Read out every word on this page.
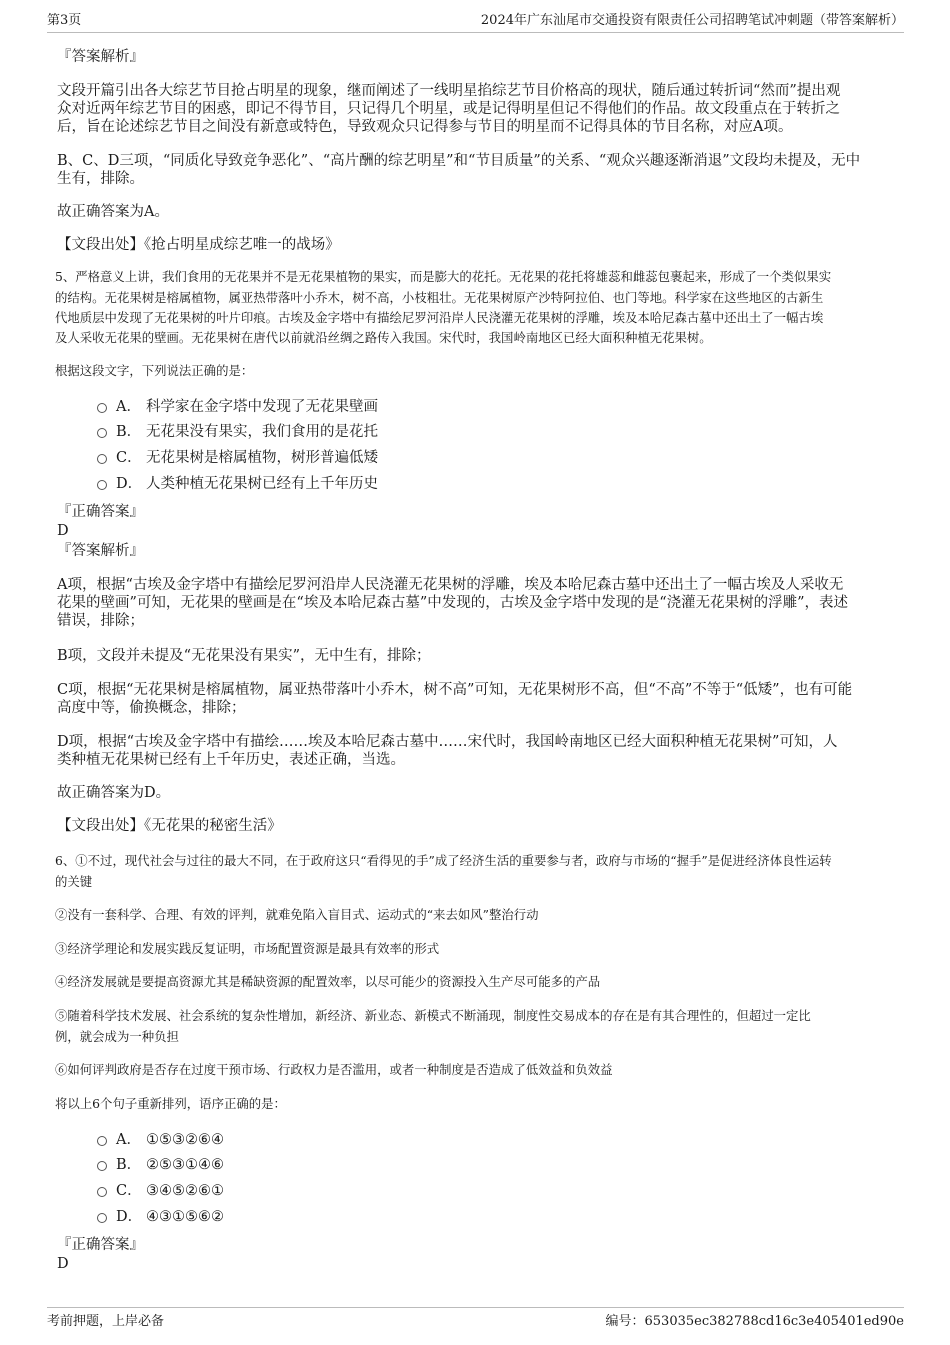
第3页	2024年广东汕尾市交通投资有限责任公司招聘笔试冲刺题（带答案解析）
『答案解析』
文段开篇引出各大综艺节目抢占明星的现象，继而阐述了一线明星掐综艺节目价格高的现状，随后通过转折词“然而”提出观
众对近两年综艺节目的困惑，即记不得节目，只记得几个明星，或是记得明星但记不得他们的作品。故文段重点在于转折之
后，旨在论述综艺节目之间没有新意或特色，导致观众只记得参与节目的明星而不记得具体的节目名称，对应A项。
B、C、D三项，“同质化导致竞争恶化”、“高片酬的综艺明星”和“节目质量”的关系、“观众兴趣逐渐消退”文段均未提及，无中
生有，排除。
故正确答案为A。
【文段出处】《抢占明星成综艺唯一的战场》
5、严格意义上讲，我们食用的无花果并不是无花果植物的果实，而是膨大的花托。无花果的花托将雄蕊和雌蕊包裹起来，形成了一个类似果实
的结构。无花果树是榕属植物，属亚热带落叶小乔木，树不高，小枝粗壮。无花果树原产沙特阿拉伯、也门等地。科学家在这些地区的古新生
代地质层中发现了无花果树的叶片印痕。古埃及金字塔中有描绘尼罗河沿岸人民浇灌无花果树的浮雕，埃及本哈尼森古墓中还出土了一幅古埃
及人采收无花果的壁画。无花果树在唐代以前就沿丝绸之路传入我国。宋代时，我国岭南地区已经大面积种植无花果树。
根据这段文字，下列说法正确的是：
A． 科学家在金字塔中发现了无花果壁画
B． 无花果没有果实，我们食用的是花托
C． 无花果树是榕属植物，树形普遍低矮
D． 人类种植无花果树已经有上千年历史
『正确答案』
D
『答案解析』
A项，根据“古埃及金字塔中有描绘尼罗河沿岸人民浇灌无花果树的浮雕，埃及本哈尼森古墓中还出土了一幅古埃及人采收无
花果的壁画”可知，无花果的壁画是在“埃及本哈尼森古墓”中发现的，古埃及金字塔中发现的是“浇灌无花果树的浮雕”，表述
错误，排除；
B项，文段并未提及“无花果没有果实”，无中生有，排除；
C项，根据“无花果树是榕属植物，属亚热带落叶小乔木，树不高”可知，无花果树形不高，但“不高”不等于“低矮”，也有可能
高度中等，偷换概念，排除；
D项，根据“古埃及金字塔中有描绘……埃及本哈尼森古墓中……宋代时，我国岭南地区已经大面积种植无花果树”可知，人
类种植无花果树已经有上千年历史，表述正确，当选。
故正确答案为D。
【文段出处】《无花果的秘密生活》
6、①不过，现代社会与过往的最大不同，在于政府这只“看得见的手”成了经济生活的重要参与者，政府与市场的“握手”是促进经济体良性运转
的关键
②没有一套科学、合理、有效的评判，就难免陷入盲目式、运动式的“来去如风”整治行动
③经济学理论和发展实践反复证明，市场配置资源是最具有效率的形式
④经济发展就是要提高资源尤其是稀缺资源的配置效率，以尽可能少的资源投入生产尽可能多的产品
⑤随着科学技术发展、社会系统的复杂性增加，新经济、新业态、新模式不断涌现，制度性交易成本的存在是有其合理性的，但超过一定比
例，就会成为一种负担
⑥如何评判政府是否存在过度干预市场、行政权力是否滥用，或者一种制度是否造成了低效益和负效益
将以上6个句子重新排列，语序正确的是：
A． ①⑤③②⑥④
B． ②⑤③①④⑥
C． ③④⑤②⑥①
D． ④③①⑤⑥②
『正确答案』
D
考前押题，上岸必备	编号：653035ec382788cd16c3e405401ed90e
